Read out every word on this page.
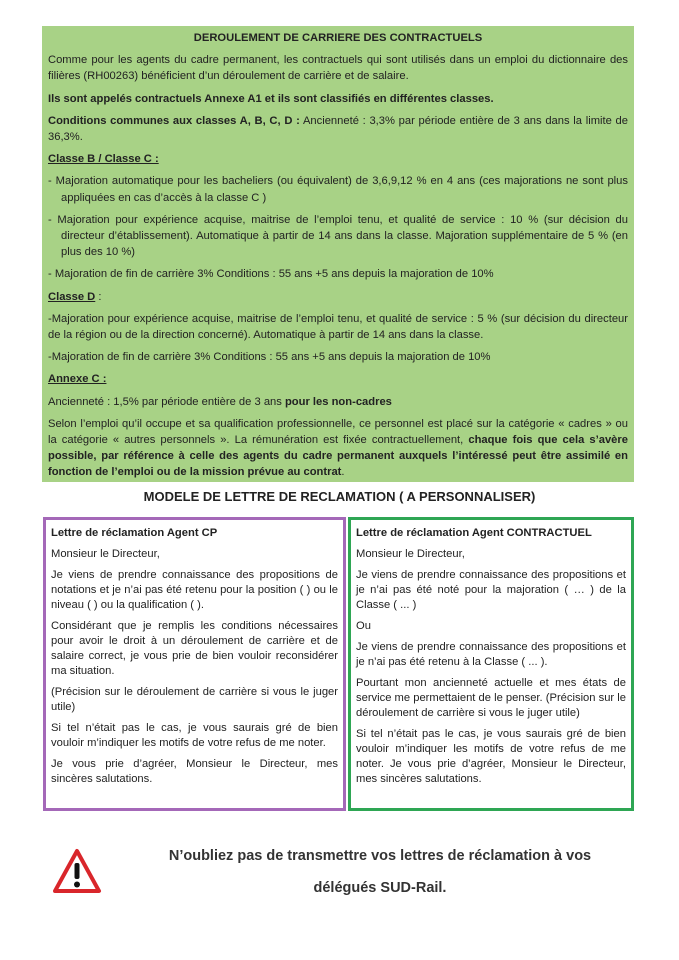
DEROULEMENT DE CARRIERE DES CONTRACTUELS

Comme pour les agents du cadre permanent, les contractuels qui sont utilisés dans un emploi du dictionnaire des filières (RH00263) bénéficient d’un déroulement de carrière et de salaire.

Ils sont appelés contractuels Annexe A1 et ils sont classifiés en différentes classes.

Conditions communes aux classes A, B, C, D : Ancienneté : 3,3% par période entière de 3 ans dans la limite de 36,3%.

Classe B / Classe C :

- Majoration automatique pour les bacheliers (ou équivalent) de 3,6,9,12 % en 4 ans (ces majorations ne sont plus appliquées en cas d’accès à la classe C )

- Majoration pour expérience acquise, maitrise de l’emploi tenu, et qualité de service : 10 % (sur décision du directeur d’établissement). Automatique à partir de 14 ans dans la classe. Majoration supplémentaire de 5 % (en plus des 10 %)

- Majoration de fin de carrière 3% Conditions : 55 ans +5 ans depuis la majoration de 10%

Classe D :

-Majoration pour expérience acquise, maitrise de l’emploi tenu, et qualité de service : 5 % (sur décision du directeur de la région ou de la direction concerné). Automatique à partir de 14 ans dans la classe.

-Majoration de fin de carrière 3% Conditions : 55 ans +5 ans depuis la majoration de 10%

Annexe C :

Ancienneté : 1,5% par période entière de 3 ans pour les non-cadres

Selon l’emploi qu’il occupe et sa qualification professionnelle, ce personnel est placé sur la catégorie « cadres » ou la catégorie « autres personnels ». La rémunération est fixée contractuellement, chaque fois que cela s’avère possible, par référence à celle des agents du cadre permanent auxquels l’intéressé peut être assimilé en fonction de l’emploi ou de la mission prévue au contrat.

MODELE DE LETTRE DE RECLAMATION ( A PERSONNALISER)

Lettre de réclamation Agent CP

Monsieur le Directeur,

Je viens de prendre connaissance des propositions de notations et je n’ai pas été retenu pour la position ( ) ou le niveau ( ) ou la qualification ( ).

Considérant que je remplis les conditions nécessaires pour avoir le droit à un déroulement de carrière et de salaire correct, je vous prie de bien vouloir reconsidérer ma situation.

(Précision sur le déroulement de carrière si vous le juger utile)

Si tel n’était pas le cas, je vous saurais gré de bien vouloir m’indiquer les motifs de votre refus de me noter.

Je vous prie d’agréer, Monsieur le Directeur, mes sincères salutations.

Lettre de réclamation Agent CONTRACTUEL

Monsieur le Directeur,

Je viens de prendre connaissance des propositions et je n’ai pas été noté pour la majoration ( … ) de la Classe ( ... )

Ou

Je viens de prendre connaissance des propositions et je n’ai pas été retenu à la Classe ( ... ).

Pourtant mon ancienneté actuelle et mes états de service me permettaient de le penser. (Précision sur le déroulement de carrière si vous le juger utile)

Si tel n’était pas le cas, je vous saurais gré de bien vouloir m’indiquer les motifs de votre refus de me noter. Je vous prie d’agréer, Monsieur le Directeur, mes sincères salutations.

N’oubliez pas de transmettre vos lettres de réclamation à vos
délégués SUD-Rail.
